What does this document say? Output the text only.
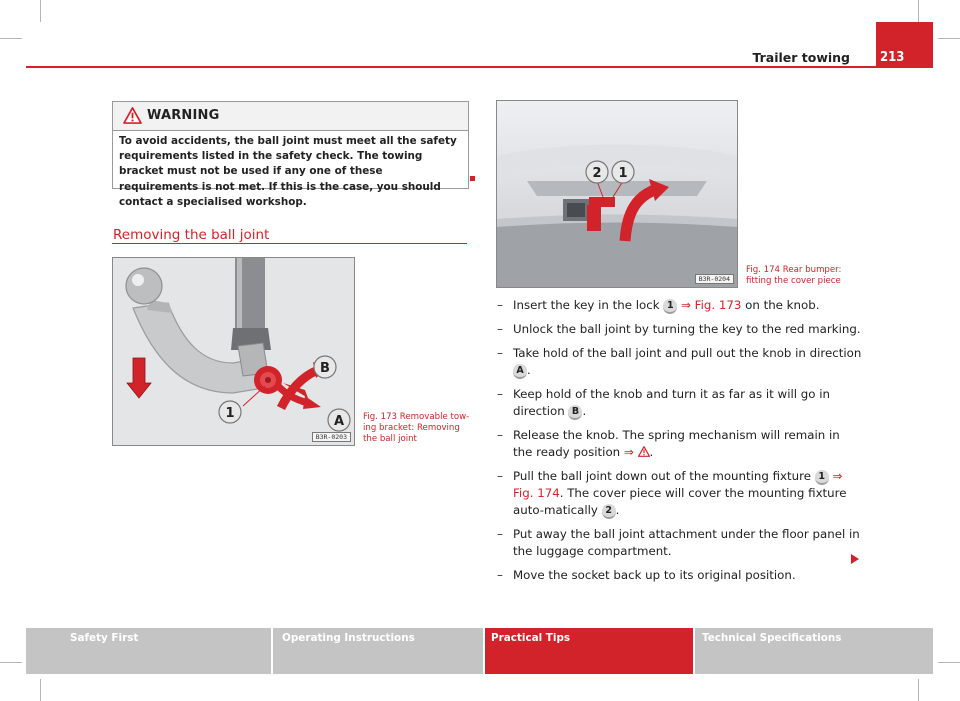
213
Trailer towing
WARNING
To avoid accidents, the ball joint must meet all the safety requirements listed in the safety check. The towing bracket must not be used if any one of these requirements is not met. If this is the case, you should contact a specialised workshop.
Removing the ball joint
1
B
A
B3R-0203
Fig. 173 Removable tow-
ing bracket: Removing
the ball joint
2 1
B3R-0204
Fig. 174 Rear bumper:
fitting the cover piece
– Insert the key in the lock 1 ⇒ Fig. 173 on the knob.
– Unlock the ball joint by turning the key to the red marking.
– Take hold of the ball joint and pull out the knob in direction A .
– Keep hold of the knob and turn it as far as it will go in direction B .
– Release the knob. The spring mechanism will remain in the ready position ⇒ .
– Pull the ball joint down out of the mounting fixture 1 ⇒ Fig. 174. The cover piece will cover the mounting fixture auto-matically 2 .
– Put away the ball joint attachment under the floor panel in the luggage compartment.
– Move the socket back up to its original position.
Safety First	Operating Instructions	Practical Tips	Technical Specifications
